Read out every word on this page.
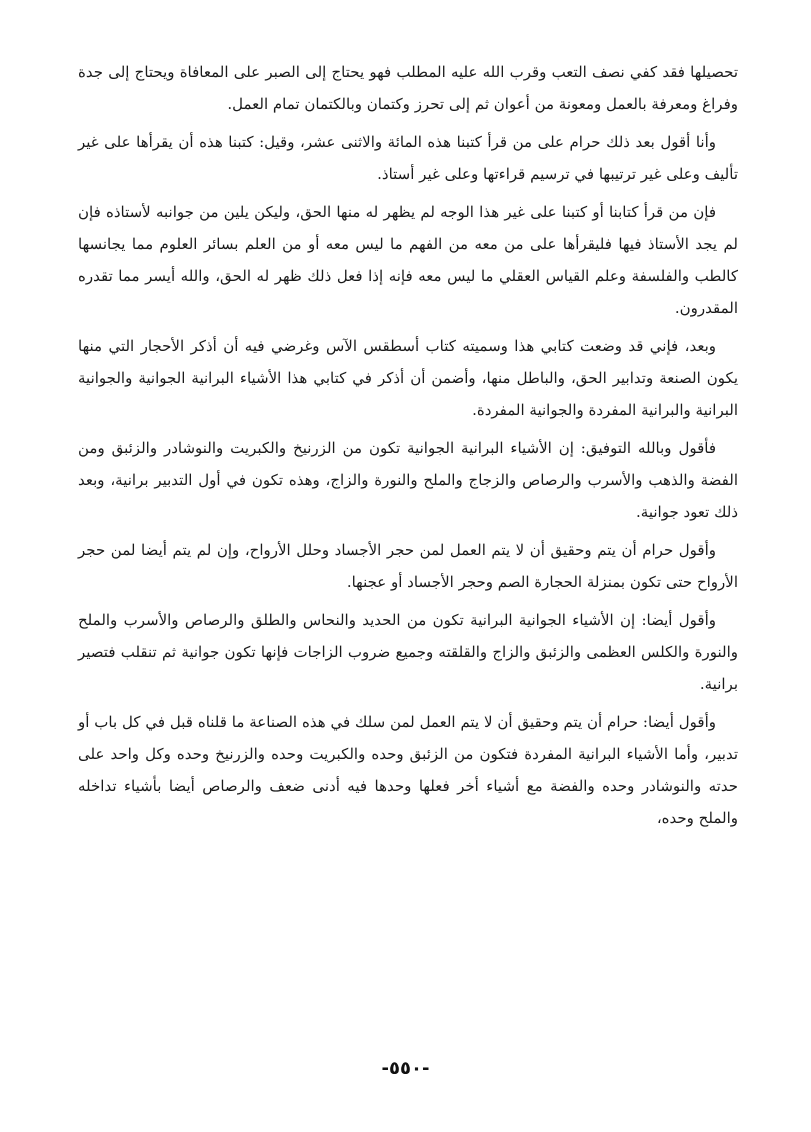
تحصيلها فقد كفي نصف التعب وقرب الله عليه المطلب فهو يحتاج إلى الصبر على المعافاة ويحتاج إلى جدة وفراغ ومعرفة بالعمل ومعونة من أعوان ثم إلى تحرز وكتمان وبالكتمان تمام العمل.

وأنا أقول بعد ذلك حرام على من قرأ كتبنا هذه المائة والاثنى عشر، وقيل: كتبنا هذه أن يقرأها على غير تأليف وعلى غير ترتيبها في ترسيم قراءتها وعلى غير أستاذ.

فإن من قرأ كتابنا أو كتبنا على غير هذا الوجه لم يظهر له منها الحق، وليكن يلين من جوانبه لأستاذه فإن لم يجد الأستاذ فيها فليقرأها على من معه من الفهم ما ليس معه أو من العلم بسائر العلوم مما يجانسها كالطب والفلسفة وعلم القياس العقلي ما ليس معه فإنه إذا فعل ذلك ظهر له الحق، والله أيسر مما تقدره المقدرون.

وبعد، فإني قد وضعت كتابي هذا وسميته كتاب أسطقس الآس وغرضي فيه أن أذكر الأحجار التي منها يكون الصنعة وتدابير الحق، والباطل منها، وأضمن أن أذكر في كتابي هذا الأشياء البرانية الجوانية والجوانية البرانية والبرانية المفردة والجوانية المفردة.

فأقول وبالله التوفيق: إن الأشياء البرانية الجوانية تكون من الزرنيخ والكبريت والنوشادر والزئبق ومن الفضة والذهب والأسرب والرصاص والزجاج والملح والنورة والزاج، وهذه تكون في أول التدبير برانية، وبعد ذلك تعود جوانية.

وأقول حرام أن يتم وحقيق أن لا يتم العمل لمن حجر الأجساد وحلل الأرواح، وإن لم يتم أيضا لمن حجر الأرواح حتى تكون بمنزلة الحجارة الصم وحجر الأجساد أو عجنها.

وأقول أيضا: إن الأشياء الجوانية البرانية تكون من الحديد والنحاس والطلق والرصاص والأسرب والملح والنورة والكلس العظمى والزئبق والزاج والقلقته وجميع ضروب الزاجات فإنها تكون جوانية ثم تنقلب فتصير برانية.

وأقول أيضا: حرام أن يتم وحقيق أن لا يتم العمل لمن سلك في هذه الصناعة ما قلناه قبل في كل باب أو تدبير، وأما الأشياء البرانية المفردة فتكون من الزئبق وحده والكبريت وحده والزرنيخ وحده وكل واحد على حدته والنوشادر وحده والفضة مع أشياء أخر فعلها وحدها فيه أدنى ضعف والرصاص أيضا بأشياء تداخله والملح وحده،

-٥٥٠-
